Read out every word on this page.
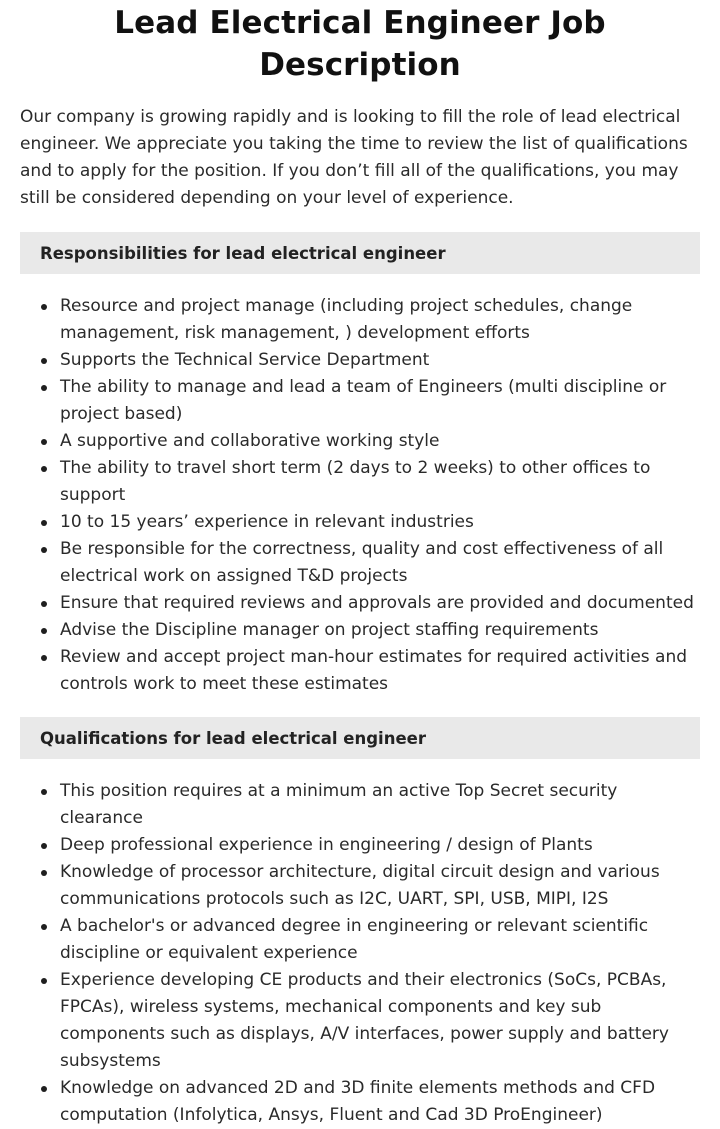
Lead Electrical Engineer Job Description

Our company is growing rapidly and is looking to fill the role of lead electrical engineer. We appreciate you taking the time to review the list of qualifications and to apply for the position. If you don’t fill all of the qualifications, you may still be considered depending on your level of experience.

Responsibilities for lead electrical engineer
Resource and project manage (including project schedules, change management, risk management, ) development efforts
Supports the Technical Service Department
The ability to manage and lead a team of Engineers (multi discipline or project based)
A supportive and collaborative working style
The ability to travel short term (2 days to 2 weeks) to other offices to support
10 to 15 years’ experience in relevant industries
Be responsible for the correctness, quality and cost effectiveness of all electrical work on assigned T&D projects
Ensure that required reviews and approvals are provided and documented
Advise the Discipline manager on project staffing requirements
Review and accept project man-hour estimates for required activities and controls work to meet these estimates
Qualifications for lead electrical engineer
This position requires at a minimum an active Top Secret security clearance
Deep professional experience in engineering / design of Plants
Knowledge of processor architecture, digital circuit design and various communications protocols such as I2C, UART, SPI, USB, MIPI, I2S
A bachelor's or advanced degree in engineering or relevant scientific discipline or equivalent experience
Experience developing CE products and their electronics (SoCs, PCBAs, FPCAs), wireless systems, mechanical components and key sub components such as displays, A/V interfaces, power supply and battery subsystems
Knowledge on advanced 2D and 3D finite elements methods and CFD computation (Infolytica, Ansys, Fluent and Cad 3D ProEngineer)
